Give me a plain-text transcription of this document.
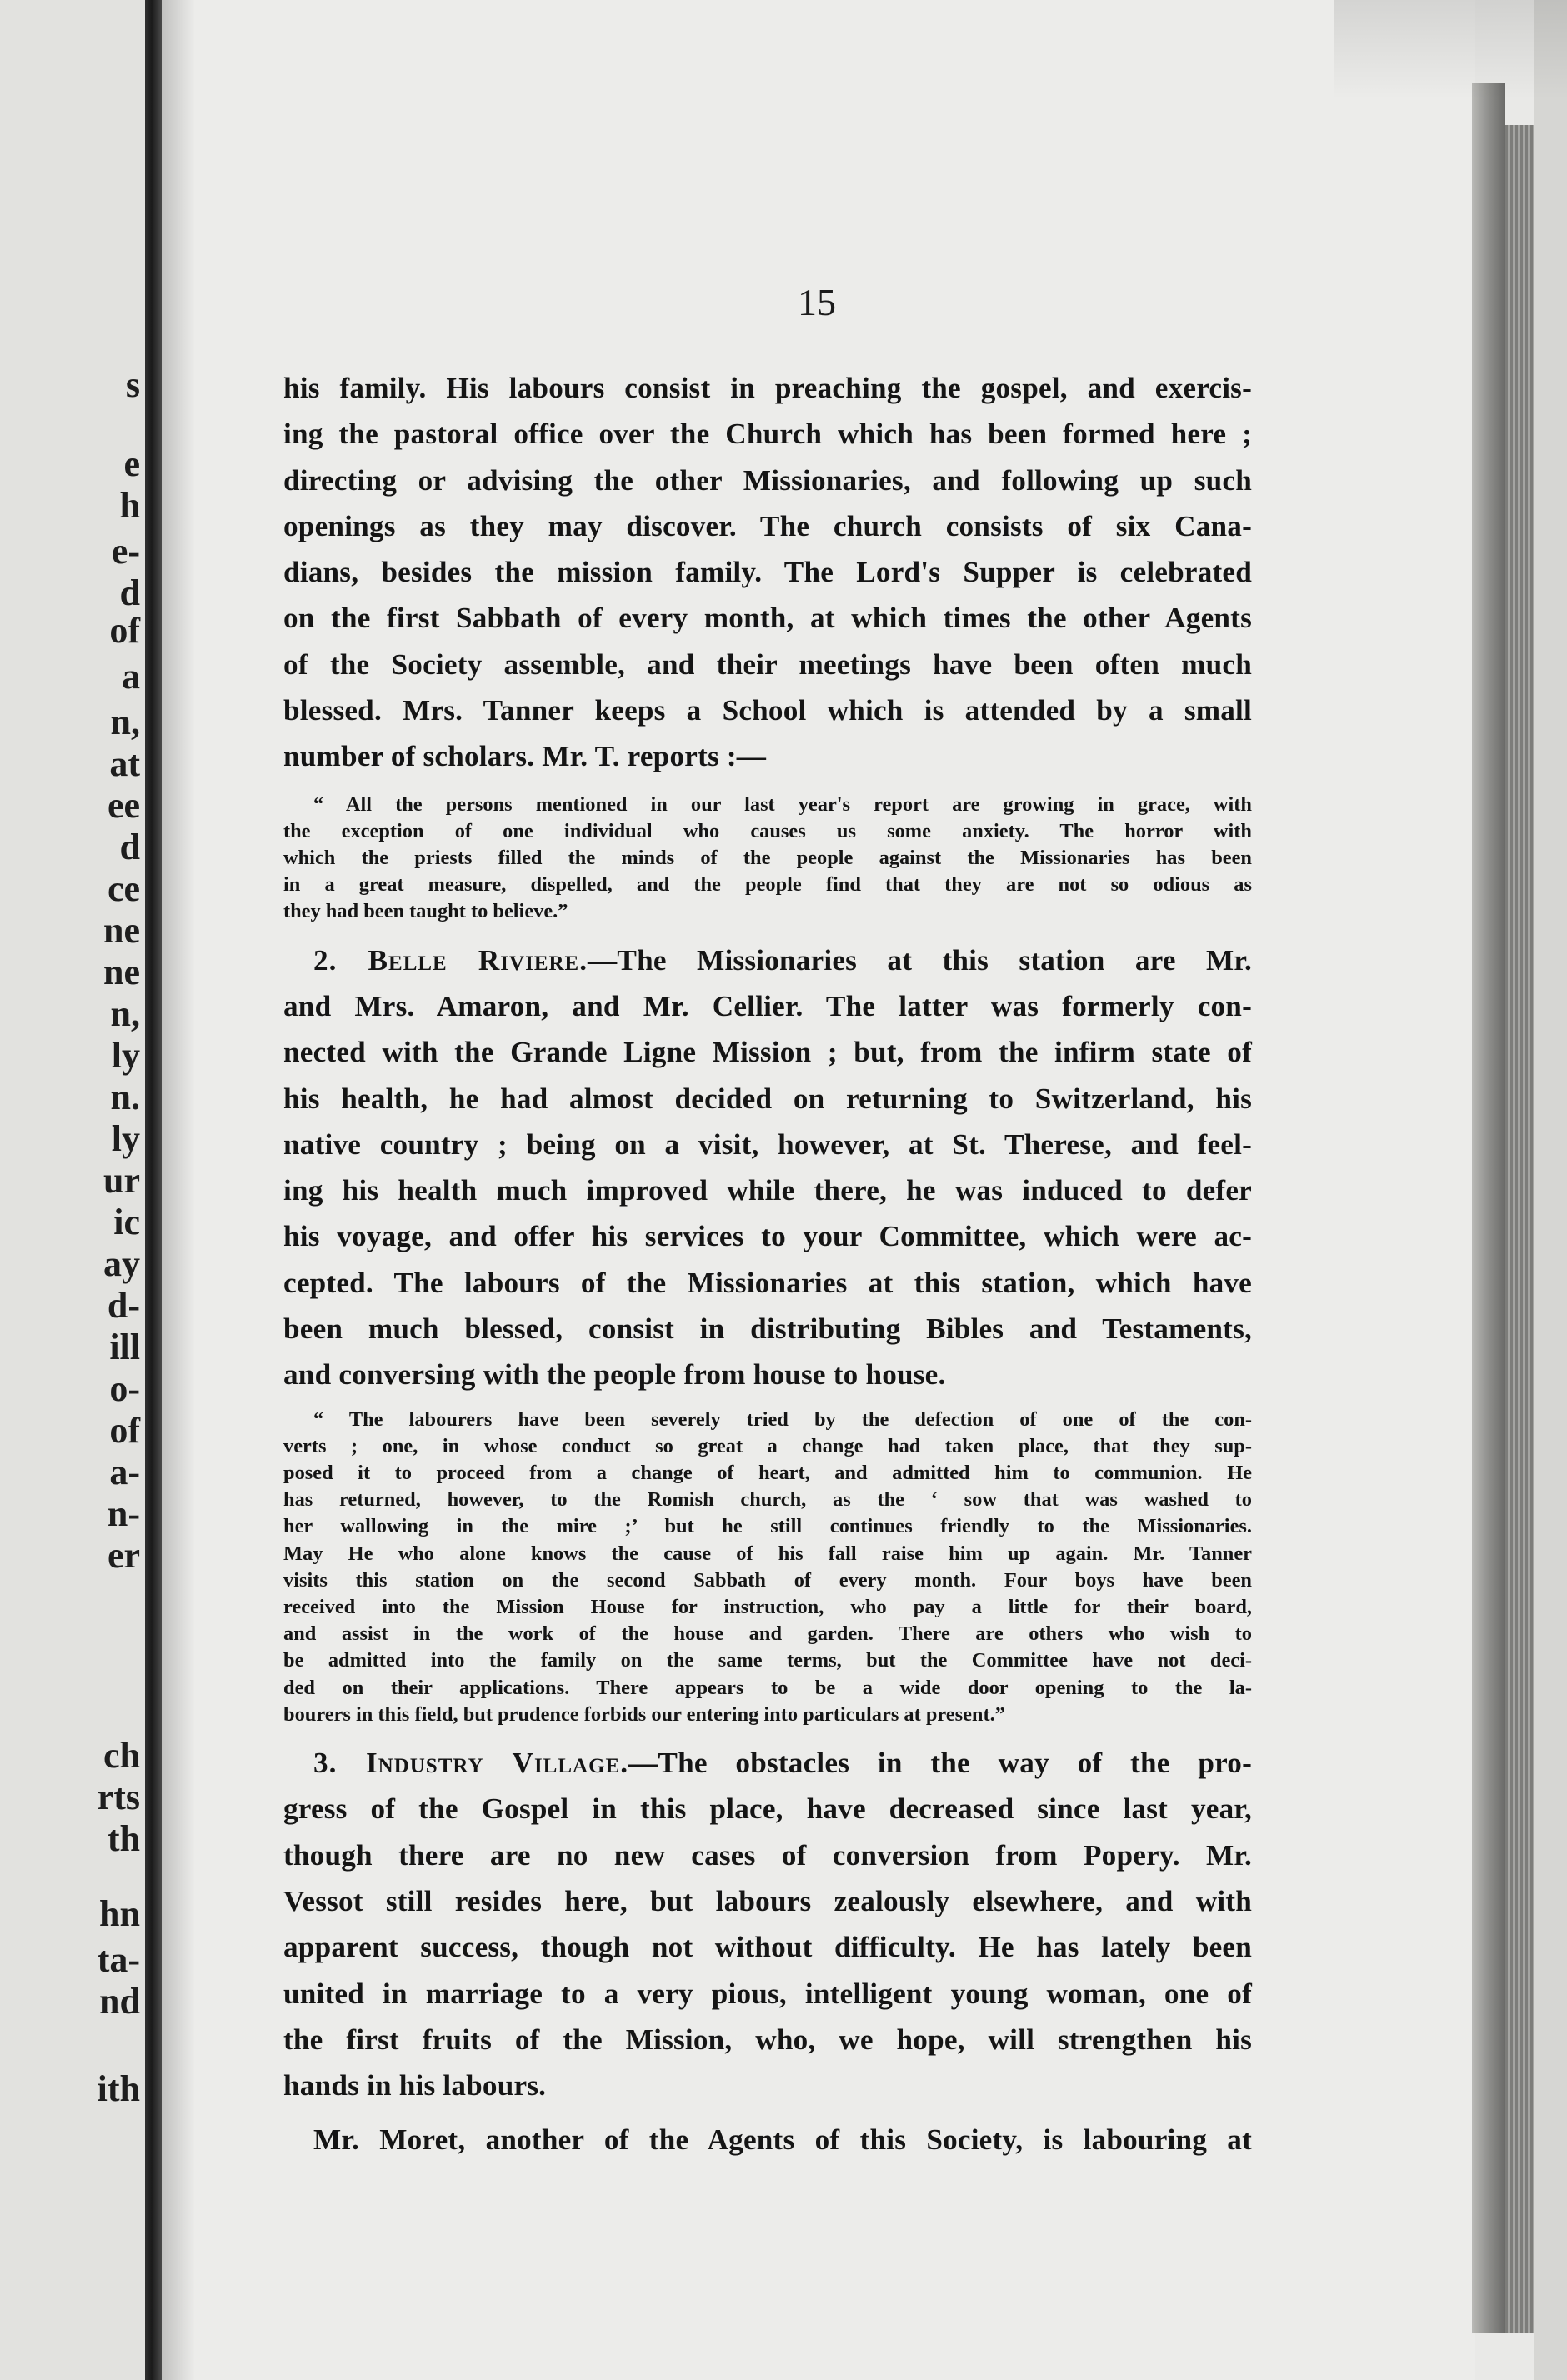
s
e
h
e-
d
of
a
n,
at
ee
d
ce
ne
ne
n,
ly
n.
ly
ur
ic
ay
d-
ill
o-
of
a-
n-
er
ch
rts
th
hn
ta-
nd
ith
15

his family. His labours consist in preaching the gospel, and exercis-
ing the pastoral office over the Church which has been formed here ;
directing or advising the other Missionaries, and following up such
openings as they may discover. The church consists of six Cana-
dians, besides the mission family. The Lord's Supper is celebrated
on the first Sabbath of every month, at which times the other Agents
of the Society assemble, and their meetings have been often much
blessed. Mrs. Tanner keeps a School which is attended by a small
number of scholars. Mr. T. reports :—

“ All the persons mentioned in our last year's report are growing in grace, with
the exception of one individual who causes us some anxiety. The horror with
which the priests filled the minds of the people against the Missionaries has been
in a great measure, dispelled, and the people find that they are not so odious as
they had been taught to believe.”

2. Belle Riviere.—The Missionaries at this station are Mr.
and Mrs. Amaron, and Mr. Cellier. The latter was formerly con-
nected with the Grande Ligne Mission ; but, from the infirm state of
his health, he had almost decided on returning to Switzerland, his
native country ; being on a visit, however, at St. Therese, and feel-
ing his health much improved while there, he was induced to defer
his voyage, and offer his services to your Committee, which were ac-
cepted. The labours of the Missionaries at this station, which have
been much blessed, consist in distributing Bibles and Testaments,
and conversing with the people from house to house.

“ The labourers have been severely tried by the defection of one of the con-
verts ; one, in whose conduct so great a change had taken place, that they sup-
posed it to proceed from a change of heart, and admitted him to communion. He
has returned, however, to the Romish church, as the ‘ sow that was washed to
her wallowing in the mire ;’ but he still continues friendly to the Missionaries.
May He who alone knows the cause of his fall raise him up again. Mr. Tanner
visits this station on the second Sabbath of every month. Four boys have been
received into the Mission House for instruction, who pay a little for their board,
and assist in the work of the house and garden. There are others who wish to
be admitted into the family on the same terms, but the Committee have not deci-
ded on their applications. There appears to be a wide door opening to the la-
bourers in this field, but prudence forbids our entering into particulars at present.”

3. Industry Village.—The obstacles in the way of the pro-
gress of the Gospel in this place, have decreased since last year,
though there are no new cases of conversion from Popery. Mr.
Vessot still resides here, but labours zealously elsewhere, and with
apparent success, though not without difficulty. He has lately been
united in marriage to a very pious, intelligent young woman, one of
the first fruits of the Mission, who, we hope, will strengthen his
hands in his labours.

Mr. Moret, another of the Agents of this Society, is labouring at
